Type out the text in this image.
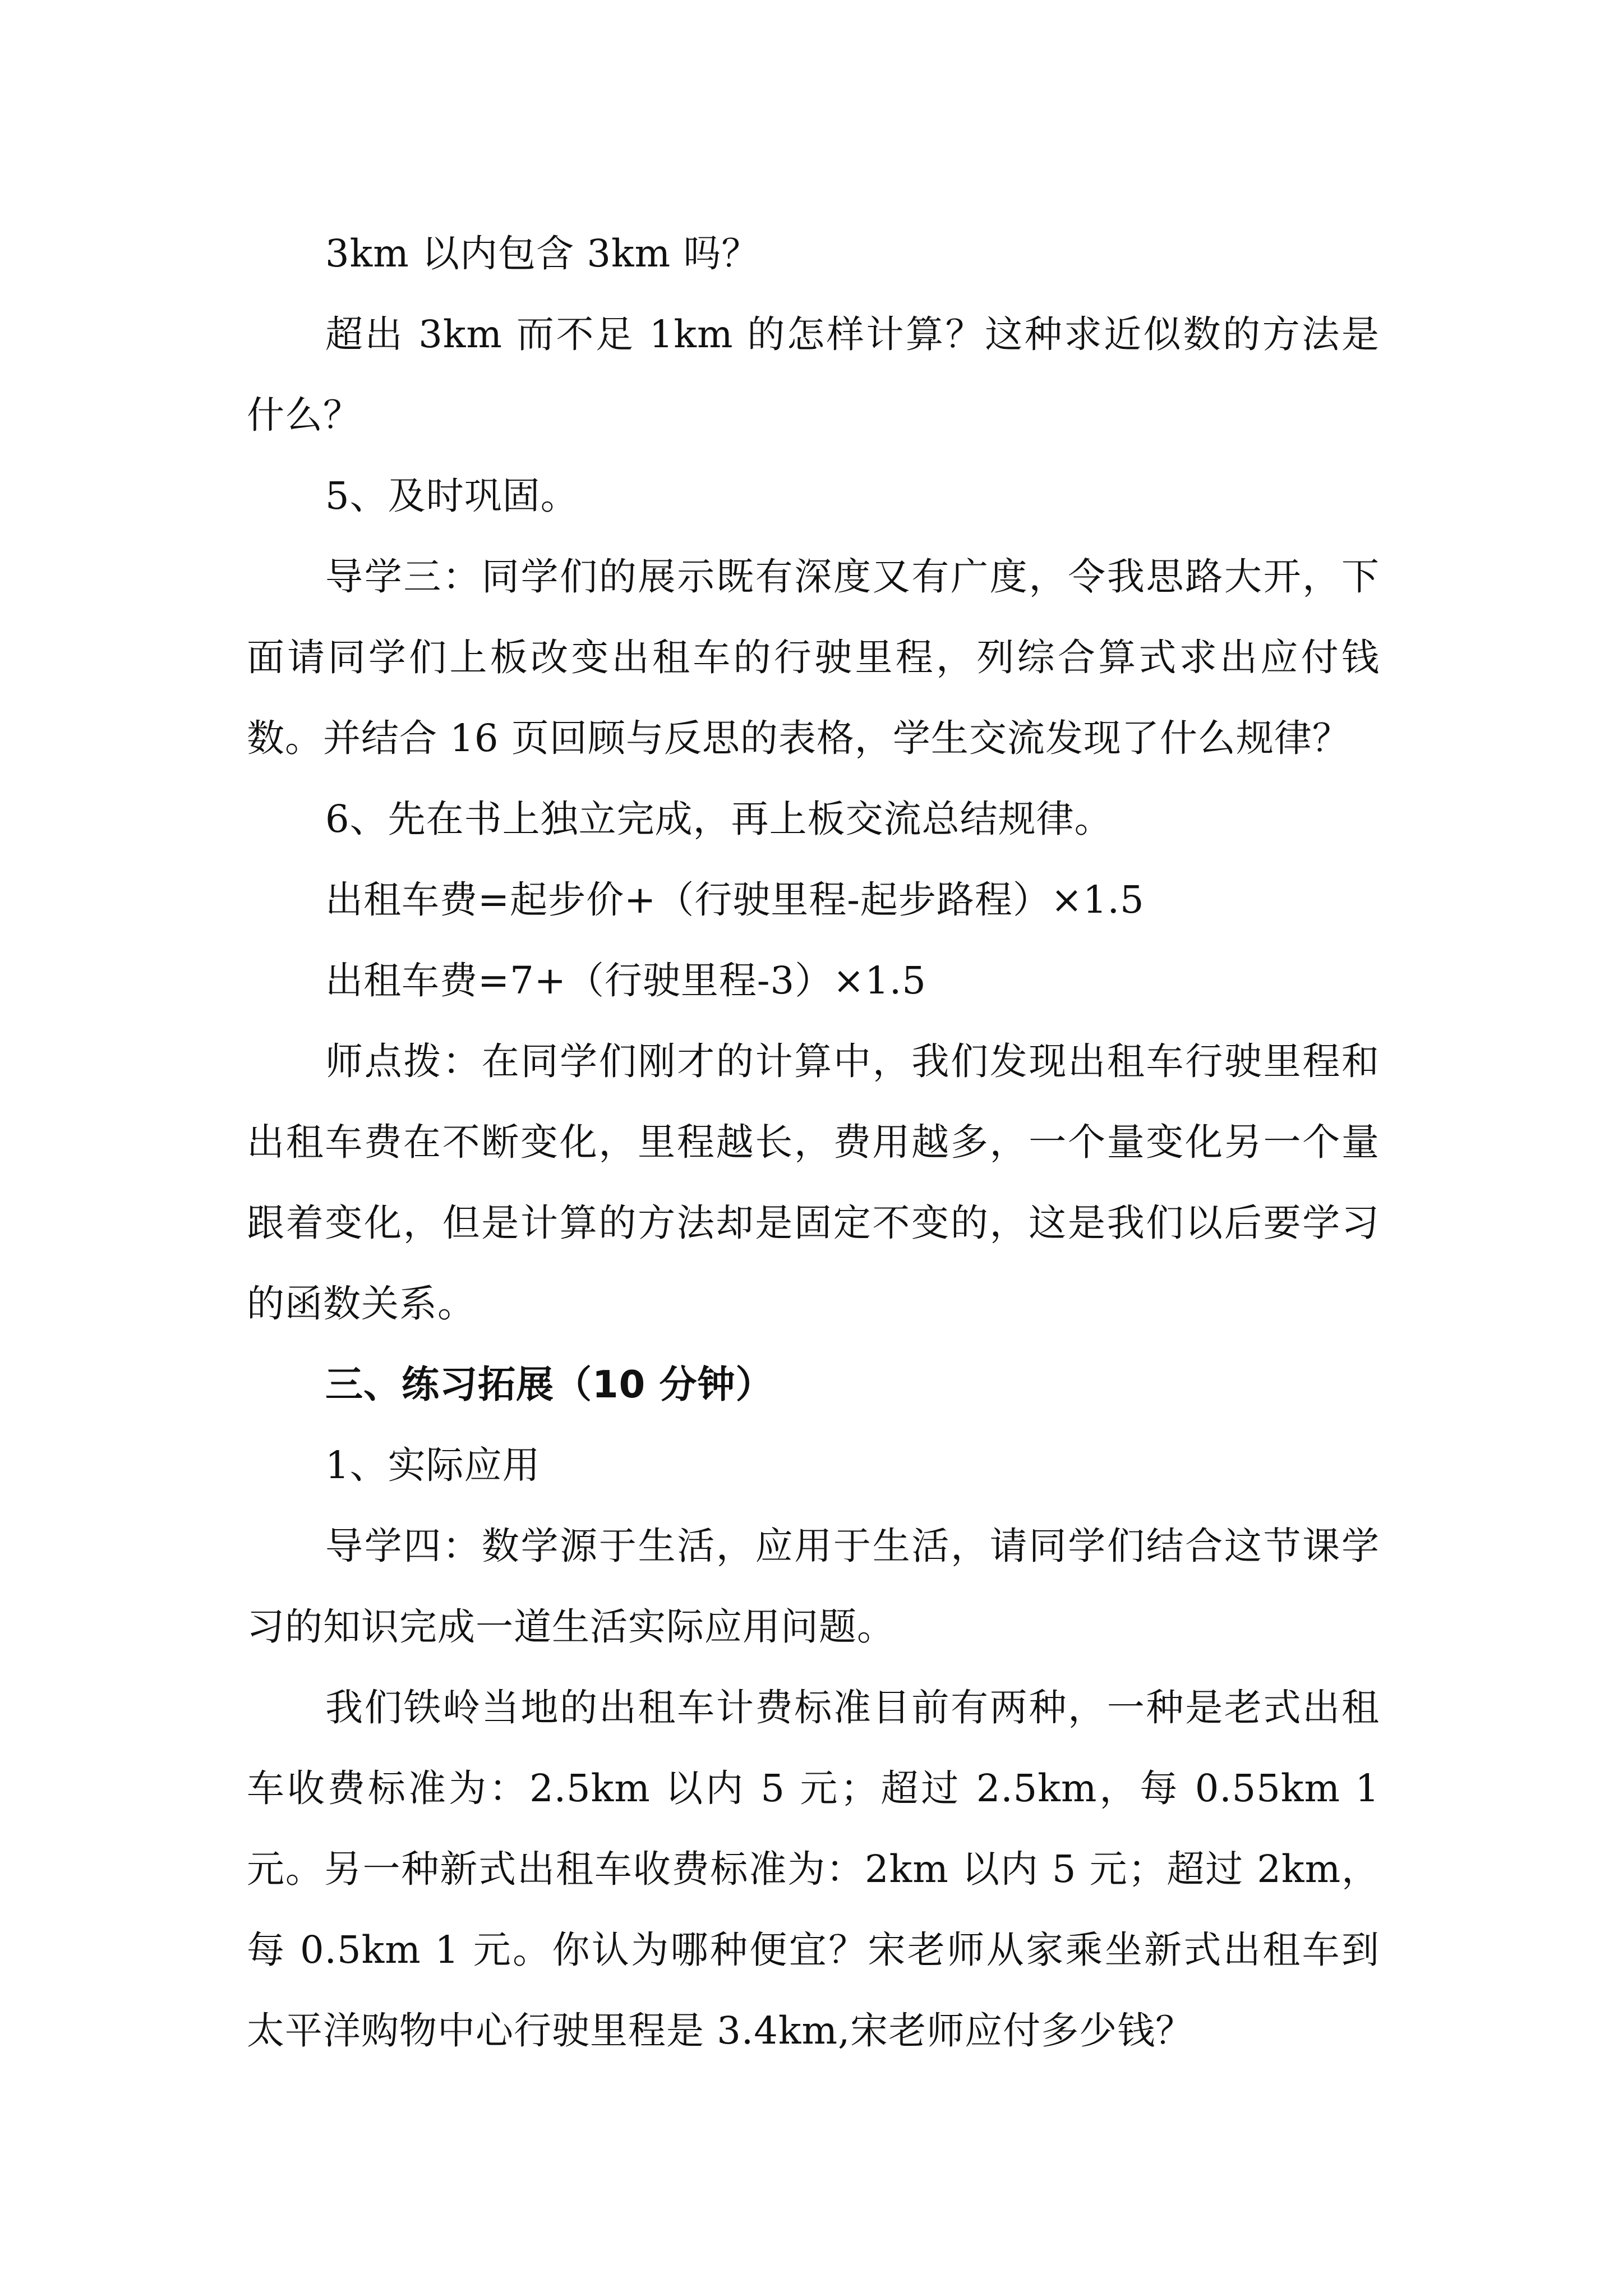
3km 以内包含 3km 吗？

超出 3km 而不足 1km 的怎样计算？这种求近似数的方法是什么？

5、及时巩固。

导学三：同学们的展示既有深度又有广度，令我思路大开，下面请同学们上板改变出租车的行驶里程，列综合算式求出应付钱数。并结合 16 页回顾与反思的表格，学生交流发现了什么规律？

6、先在书上独立完成，再上板交流总结规律。

出租车费=起步价+（行驶里程-起步路程）×1.5

出租车费=7+（行驶里程-3）×1.5

师点拨：在同学们刚才的计算中，我们发现出租车行驶里程和出租车费在不断变化，里程越长，费用越多，一个量变化另一个量跟着变化，但是计算的方法却是固定不变的，这是我们以后要学习的函数关系。

三、练习拓展（10 分钟）

1、实际应用

导学四：数学源于生活，应用于生活，请同学们结合这节课学习的知识完成一道生活实际应用问题。

我们铁岭当地的出租车计费标准目前有两种，一种是老式出租车收费标准为：2.5km 以内 5 元；超过 2.5km，每 0.55km 1 元。另一种新式出租车收费标准为：2km 以内 5 元；超过 2km，每 0.5km 1 元。你认为哪种便宜？宋老师从家乘坐新式出租车到太平洋购物中心行驶里程是 3.4km,宋老师应付多少钱？
